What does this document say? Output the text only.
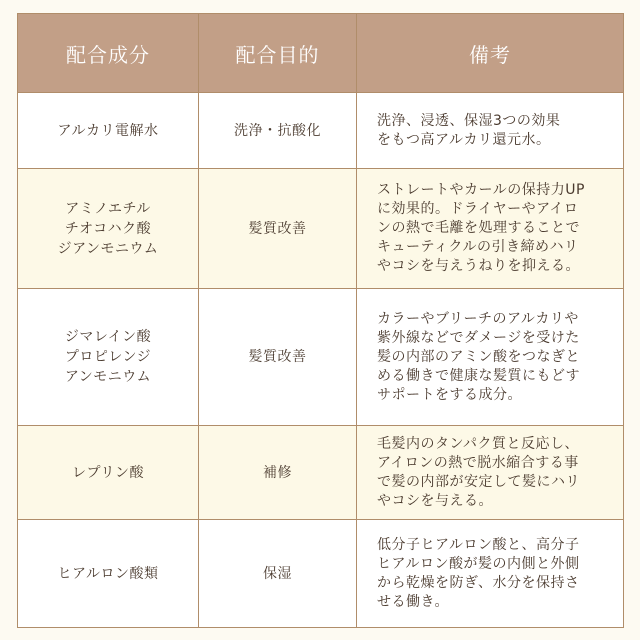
配合成分	配合目的	備考
アルカリ電解水	洗浄・抗酸化	洗浄、浸透、保湿3つの効果
をもつ高アルカリ還元水。

アミノエチル
チオコハク酸
ジアンモニウム	髪質改善	ストレートやカールの保持力UP
に効果的。ドライヤーやアイロ
ンの熱で毛離を処理することで
キューティクルの引き締めハリ
やコシを与えうねりを抑える。

ジマレイン酸
プロピレンジ
アンモニウム	髪質改善	カラーやブリーチのアルカリや
紫外線などでダメージを受けた
髪の内部のアミン酸をつなぎと
める働きで健康な髪質にもどす
サポートをする成分。

レプリン酸	補修	毛髪内のタンパク質と反応し、
アイロンの熱で脱水縮合する事
で髪の内部が安定して髪にハリ
やコシを与える。

ヒアルロン酸類	保湿	低分子ヒアルロン酸と、高分子
ヒアルロン酸が髪の内側と外側
から乾燥を防ぎ、水分を保持さ
せる働き。
